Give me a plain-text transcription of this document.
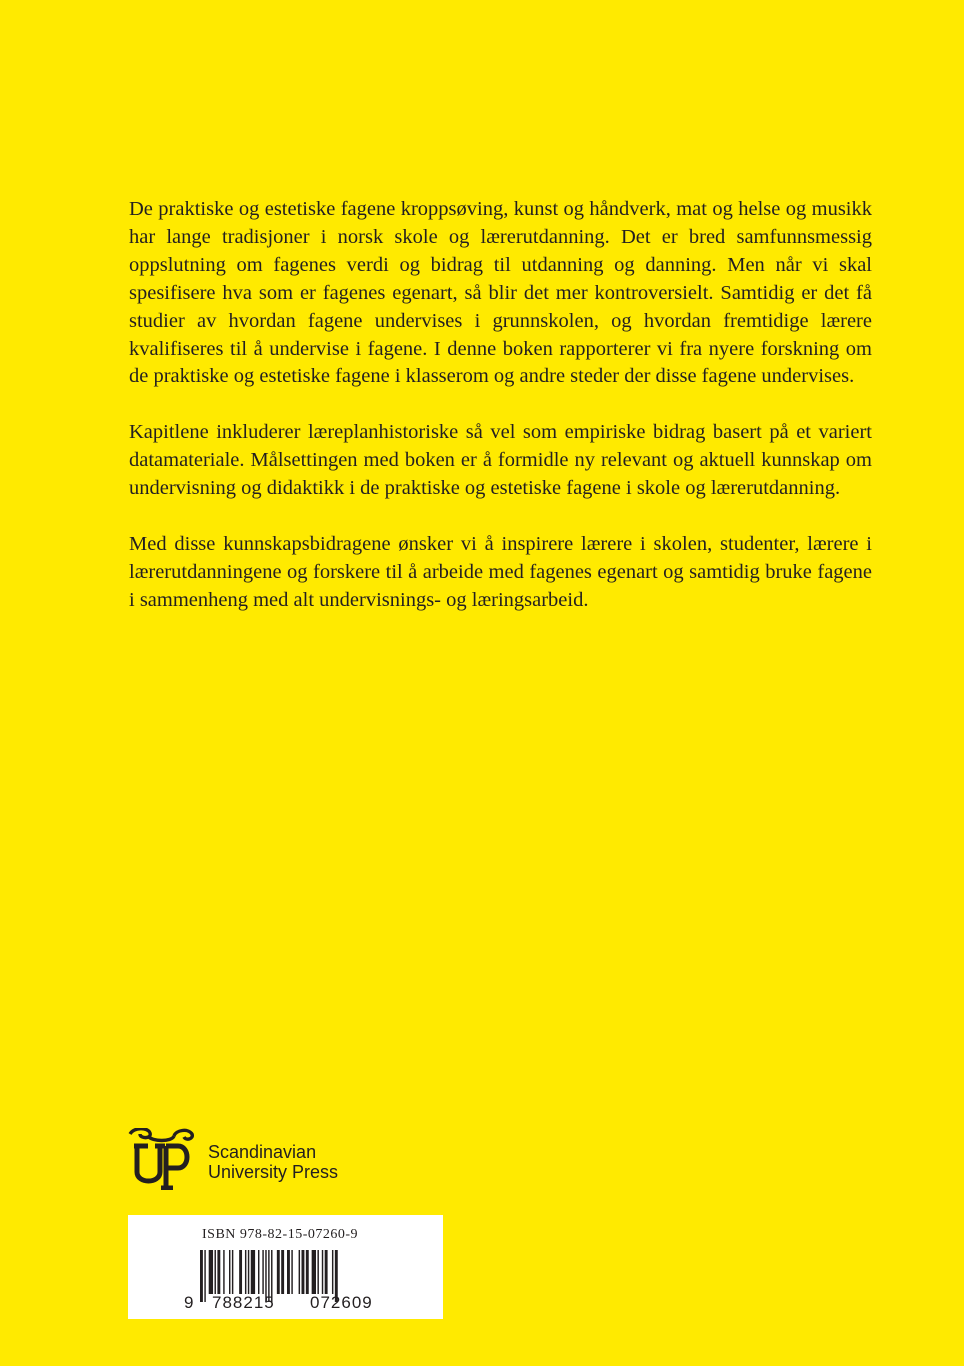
De praktiske og estetiske fagene kroppsøving, kunst og håndverk, mat og helse og musikk har lange tradisjoner i norsk skole og lærerutdanning. Det er bred samfunnsmessig oppslutning om fagenes verdi og bidrag til utdanning og danning. Men når vi skal spesifisere hva som er fagenes egenart, så blir det mer kontroversielt. Samtidig er det få studier av hvordan fagene undervises i grunnskolen, og hvordan fremtidige lærere kvalifiseres til å undervise i fagene. I denne boken rapporterer vi fra nyere forskning om de praktiske og estetiske fagene i klasserom og andre steder der disse fagene undervises.

Kapitlene inkluderer læreplanhistoriske så vel som empiriske bidrag basert på et variert datamateriale. Målsettingen med boken er å formidle ny relevant og aktuell kunnskap om undervisning og didaktikk i de praktiske og estetiske fagene i skole og lærerutdanning.

Med disse kunnskapsbidragene ønsker vi å inspirere lærere i skolen, studenter, lærere i lærerutdanningene og forskere til å arbeide med fagenes egenart og samtidig bruke fagene i sammenheng med alt undervisnings- og læringsarbeid.

Scandinavian
University Press
ISBN 978-82-15-07260-9
9 788215 072609
